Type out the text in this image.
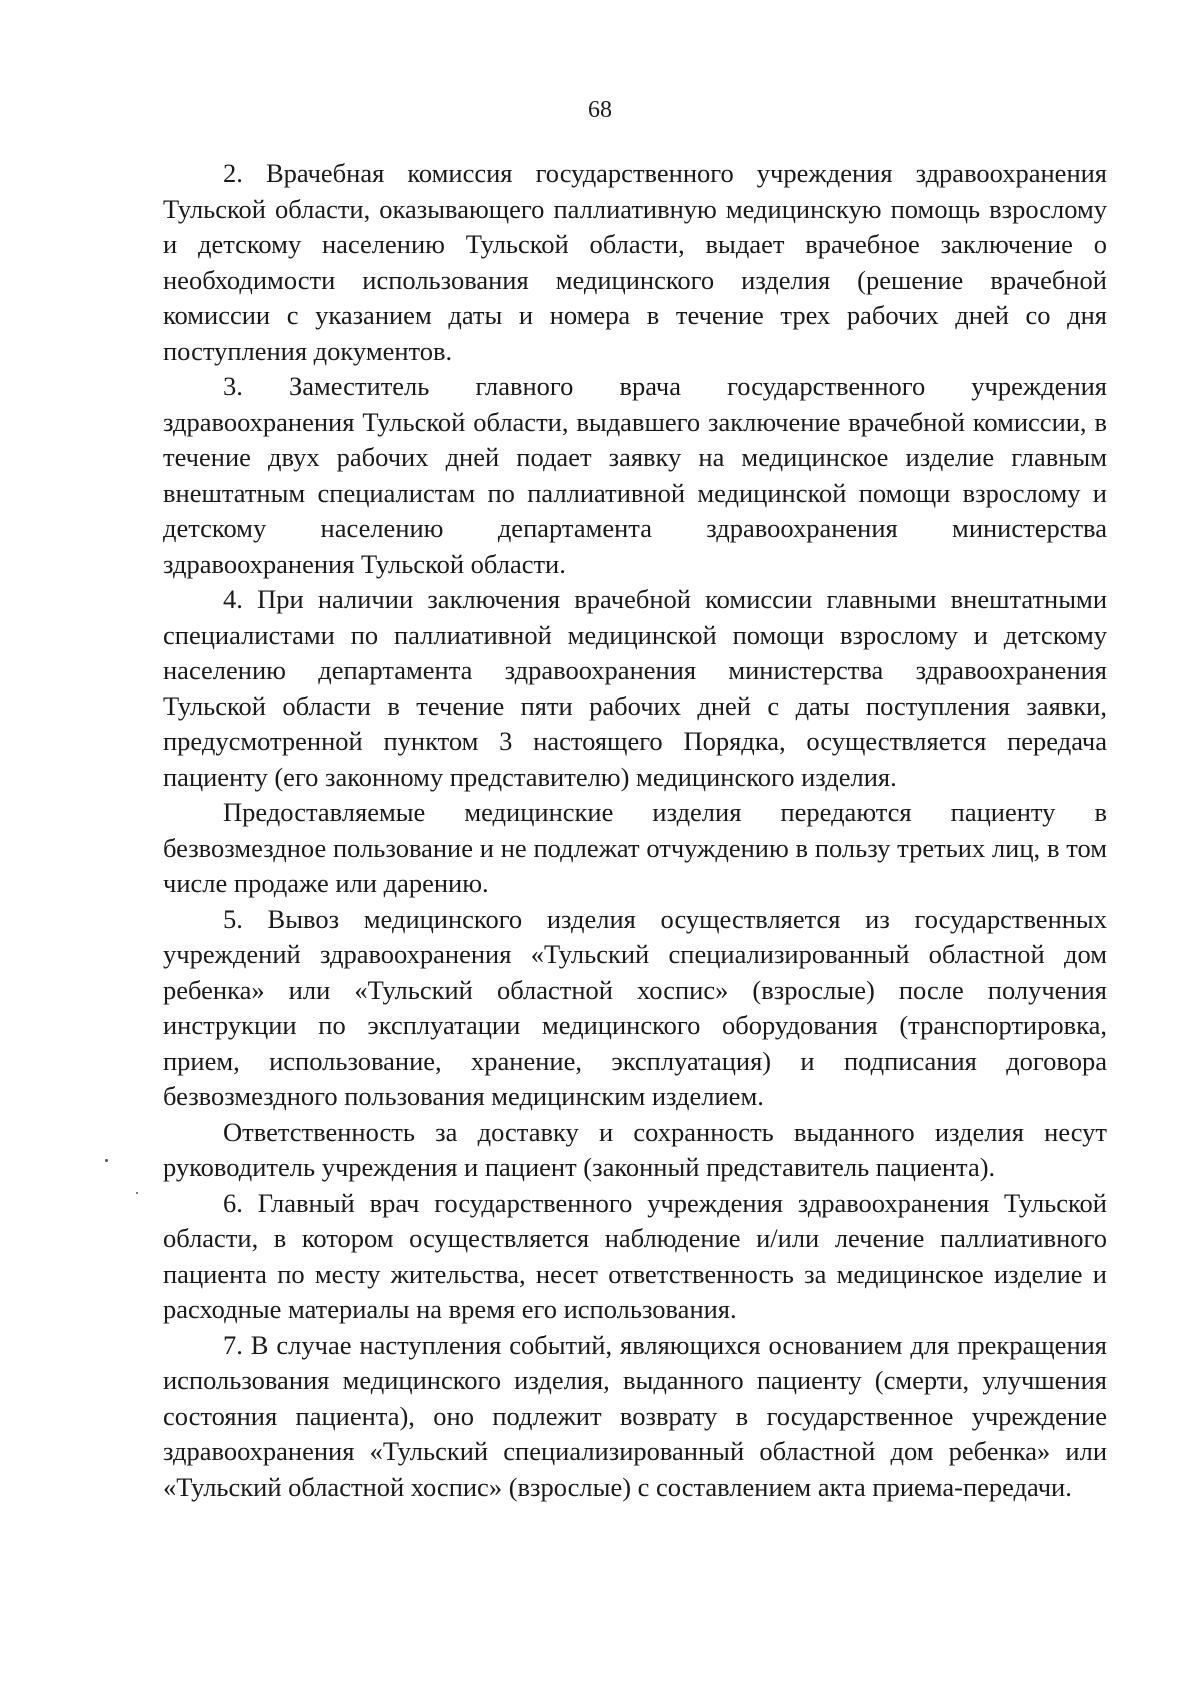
68

2. Врачебная комиссия государственного учреждения здравоохранения Тульской области, оказывающего паллиативную медицинскую помощь взрослому и детскому населению Тульской области, выдает врачебное заключение о необходимости использования медицинского изделия (решение врачебной комиссии с указанием даты и номера в течение трех рабочих дней со дня поступления документов.

3. Заместитель главного врача государственного учреждения здравоохранения Тульской области, выдавшего заключение врачебной комиссии, в течение двух рабочих дней подает заявку на медицинское изделие главным внештатным специалистам по паллиативной медицинской помощи взрослому и детскому населению департамента здравоохранения министерства здравоохранения Тульской области.

4. При наличии заключения врачебной комиссии главными внештатными специалистами по паллиативной медицинской помощи взрослому и детскому населению департамента здравоохранения министерства здравоохранения Тульской области в течение пяти рабочих дней с даты поступления заявки, предусмотренной пунктом 3 настоящего Порядка, осуществляется передача пациенту (его законному представителю) медицинского изделия.

Предоставляемые медицинские изделия передаются пациенту в безвозмездное пользование и не подлежат отчуждению в пользу третьих лиц, в том числе продаже или дарению.

5. Вывоз медицинского изделия осуществляется из государственных учреждений здравоохранения «Тульский специализированный областной дом ребенка» или «Тульский областной хоспис» (взрослые) после получения инструкции по эксплуатации медицинского оборудования (транспортировка, прием, использование, хранение, эксплуатация) и подписания договора безвозмездного пользования медицинским изделием.

Ответственность за доставку и сохранность выданного изделия несут руководитель учреждения и пациент (законный представитель пациента).

6. Главный врач государственного учреждения здравоохранения Тульской области, в котором осуществляется наблюдение и/или лечение паллиативного пациента по месту жительства, несет ответственность за медицинское изделие и расходные материалы на время его использования.

7. В случае наступления событий, являющихся основанием для прекращения использования медицинского изделия, выданного пациенту (смерти, улучшения состояния пациента), оно подлежит возврату в государственное учреждение здравоохранения «Тульский специализированный областной дом ребенка» или «Тульский областной хоспис» (взрослые) с составлением акта приема-передачи.
